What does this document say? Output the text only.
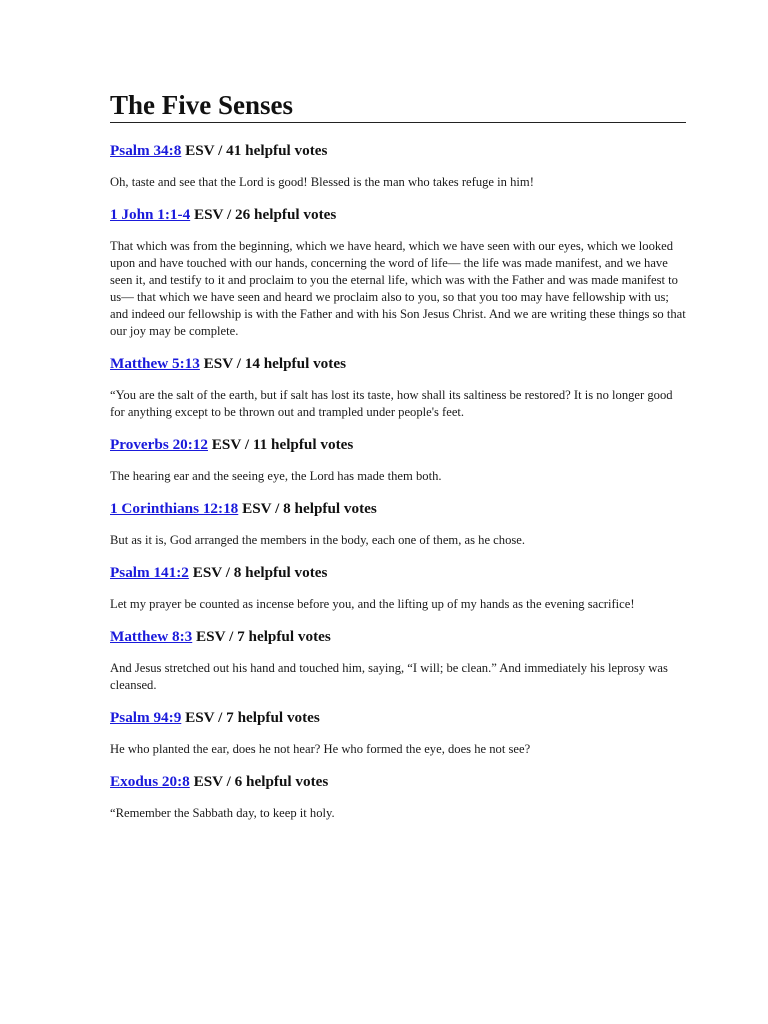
The Five Senses

Psalm 34:8 ESV / 41 helpful votes

Oh, taste and see that the Lord is good! Blessed is the man who takes refuge in him!

1 John 1:1-4 ESV / 26 helpful votes

That which was from the beginning, which we have heard, which we have seen with our eyes, which we looked upon and have touched with our hands, concerning the word of life— the life was made manifest, and we have seen it, and testify to it and proclaim to you the eternal life, which was with the Father and was made manifest to us— that which we have seen and heard we proclaim also to you, so that you too may have fellowship with us; and indeed our fellowship is with the Father and with his Son Jesus Christ. And we are writing these things so that our joy may be complete.

Matthew 5:13 ESV / 14 helpful votes

“You are the salt of the earth, but if salt has lost its taste, how shall its saltiness be restored? It is no longer good for anything except to be thrown out and trampled under people's feet.

Proverbs 20:12 ESV / 11 helpful votes

The hearing ear and the seeing eye, the Lord has made them both.

1 Corinthians 12:18 ESV / 8 helpful votes

But as it is, God arranged the members in the body, each one of them, as he chose.

Psalm 141:2 ESV / 8 helpful votes

Let my prayer be counted as incense before you, and the lifting up of my hands as the evening sacrifice!

Matthew 8:3 ESV / 7 helpful votes

And Jesus stretched out his hand and touched him, saying, “I will; be clean.” And immediately his leprosy was cleansed.

Psalm 94:9 ESV / 7 helpful votes

He who planted the ear, does he not hear? He who formed the eye, does he not see?

Exodus 20:8 ESV / 6 helpful votes

“Remember the Sabbath day, to keep it holy.
